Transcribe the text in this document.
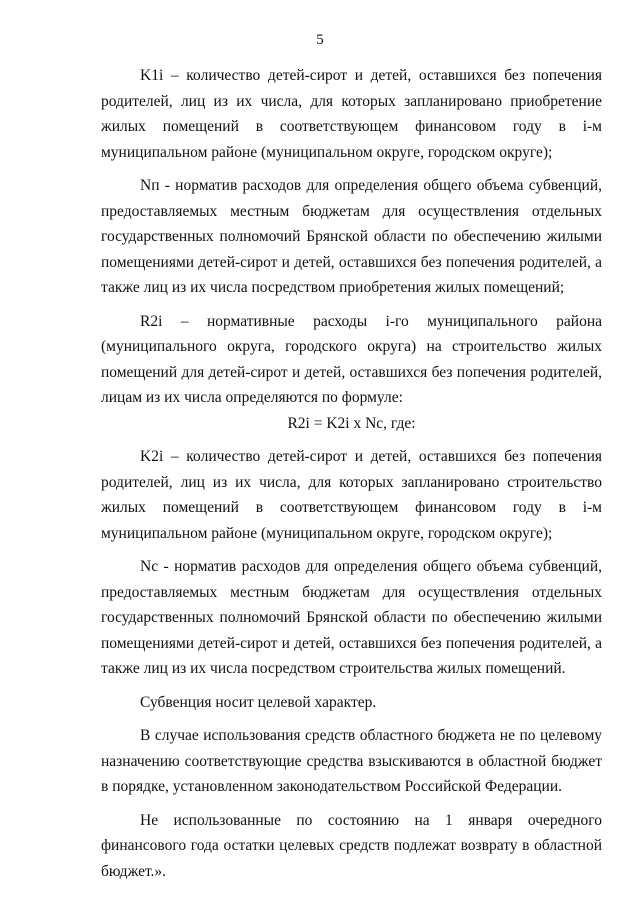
5

K1i – количество детей-сирот и детей, оставшихся без попечения родителей, лиц из их числа, для которых запланировано приобретение жилых помещений в соответствующем финансовом году в i-м муниципальном районе (муниципальном округе, городском округе);

Nп - норматив расходов для определения общего объема субвенций, предоставляемых местным бюджетам для осуществления отдельных государственных полномочий Брянской области по обеспечению жилыми помещениями детей-сирот и детей, оставшихся без попечения родителей, а также лиц из их числа посредством приобретения жилых помещений;

R2i – нормативные расходы i-го муниципального района (муниципального округа, городского округа) на строительство жилых помещений для детей-сирот и детей, оставшихся без попечения родителей, лицам из их числа определяются по формуле:

R2i = K2i x Nс, где:

K2i – количество детей-сирот и детей, оставшихся без попечения родителей, лиц из их числа, для которых запланировано строительство жилых помещений в соответствующем финансовом году в i-м муниципальном районе (муниципальном округе, городском округе);

Nс - норматив расходов для определения общего объема субвенций, предоставляемых местным бюджетам для осуществления отдельных государственных полномочий Брянской области по обеспечению жилыми помещениями детей-сирот и детей, оставшихся без попечения родителей, а также лиц из их числа посредством строительства жилых помещений.

Субвенция носит целевой характер.

В случае использования средств областного бюджета не по целевому назначению соответствующие средства взыскиваются в областной бюджет в порядке, установленном законодательством Российской Федерации.

Не использованные по состоянию на 1 января очередного финансового года остатки целевых средств подлежат возврату в областной бюджет.».
